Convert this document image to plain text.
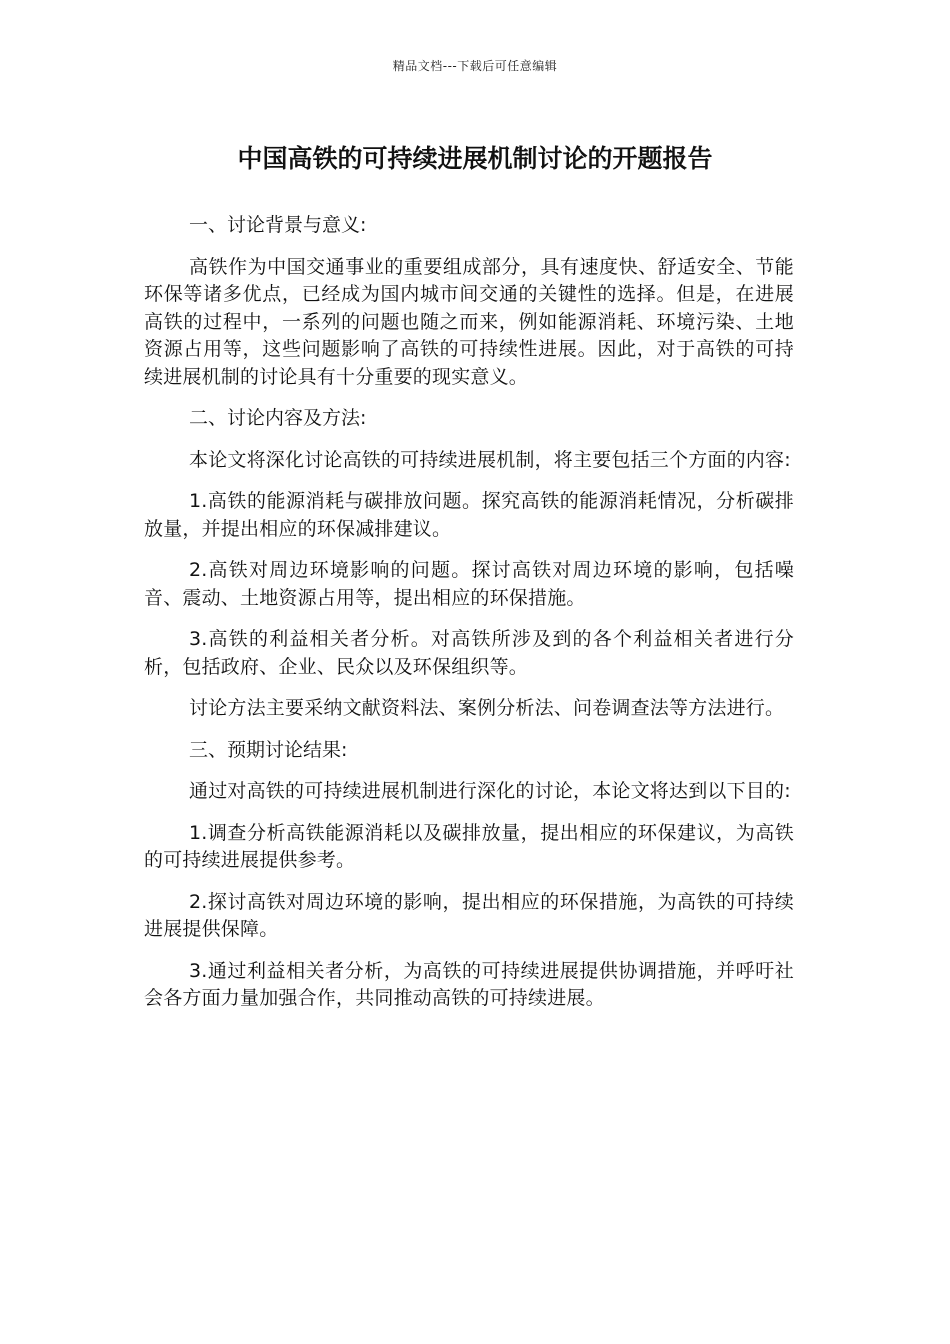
精品文档---下载后可任意编辑
中国高铁的可持续进展机制讨论的开题报告

一、讨论背景与意义:

高铁作为中国交通事业的重要组成部分，具有速度快、舒适安全、节能环保等诸多优点，已经成为国内城市间交通的关键性的选择。但是，在进展高铁的过程中，一系列的问题也随之而来，例如能源消耗、环境污染、土地资源占用等，这些问题影响了高铁的可持续性进展。因此，对于高铁的可持续进展机制的讨论具有十分重要的现实意义。

二、讨论内容及方法:

本论文将深化讨论高铁的可持续进展机制，将主要包括三个方面的内容:

1.高铁的能源消耗与碳排放问题。探究高铁的能源消耗情况，分析碳排放量，并提出相应的环保减排建议。

2.高铁对周边环境影响的问题。探讨高铁对周边环境的影响，包括噪音、震动、土地资源占用等，提出相应的环保措施。

3.高铁的利益相关者分析。对高铁所涉及到的各个利益相关者进行分析，包括政府、企业、民众以及环保组织等。

讨论方法主要采纳文献资料法、案例分析法、问卷调查法等方法进行。

三、预期讨论结果:

通过对高铁的可持续进展机制进行深化的讨论，本论文将达到以下目的:

1.调查分析高铁能源消耗以及碳排放量，提出相应的环保建议，为高铁的可持续进展提供参考。

2.探讨高铁对周边环境的影响，提出相应的环保措施，为高铁的可持续进展提供保障。

3.通过利益相关者分析，为高铁的可持续进展提供协调措施，并呼吁社会各方面力量加强合作，共同推动高铁的可持续进展。
